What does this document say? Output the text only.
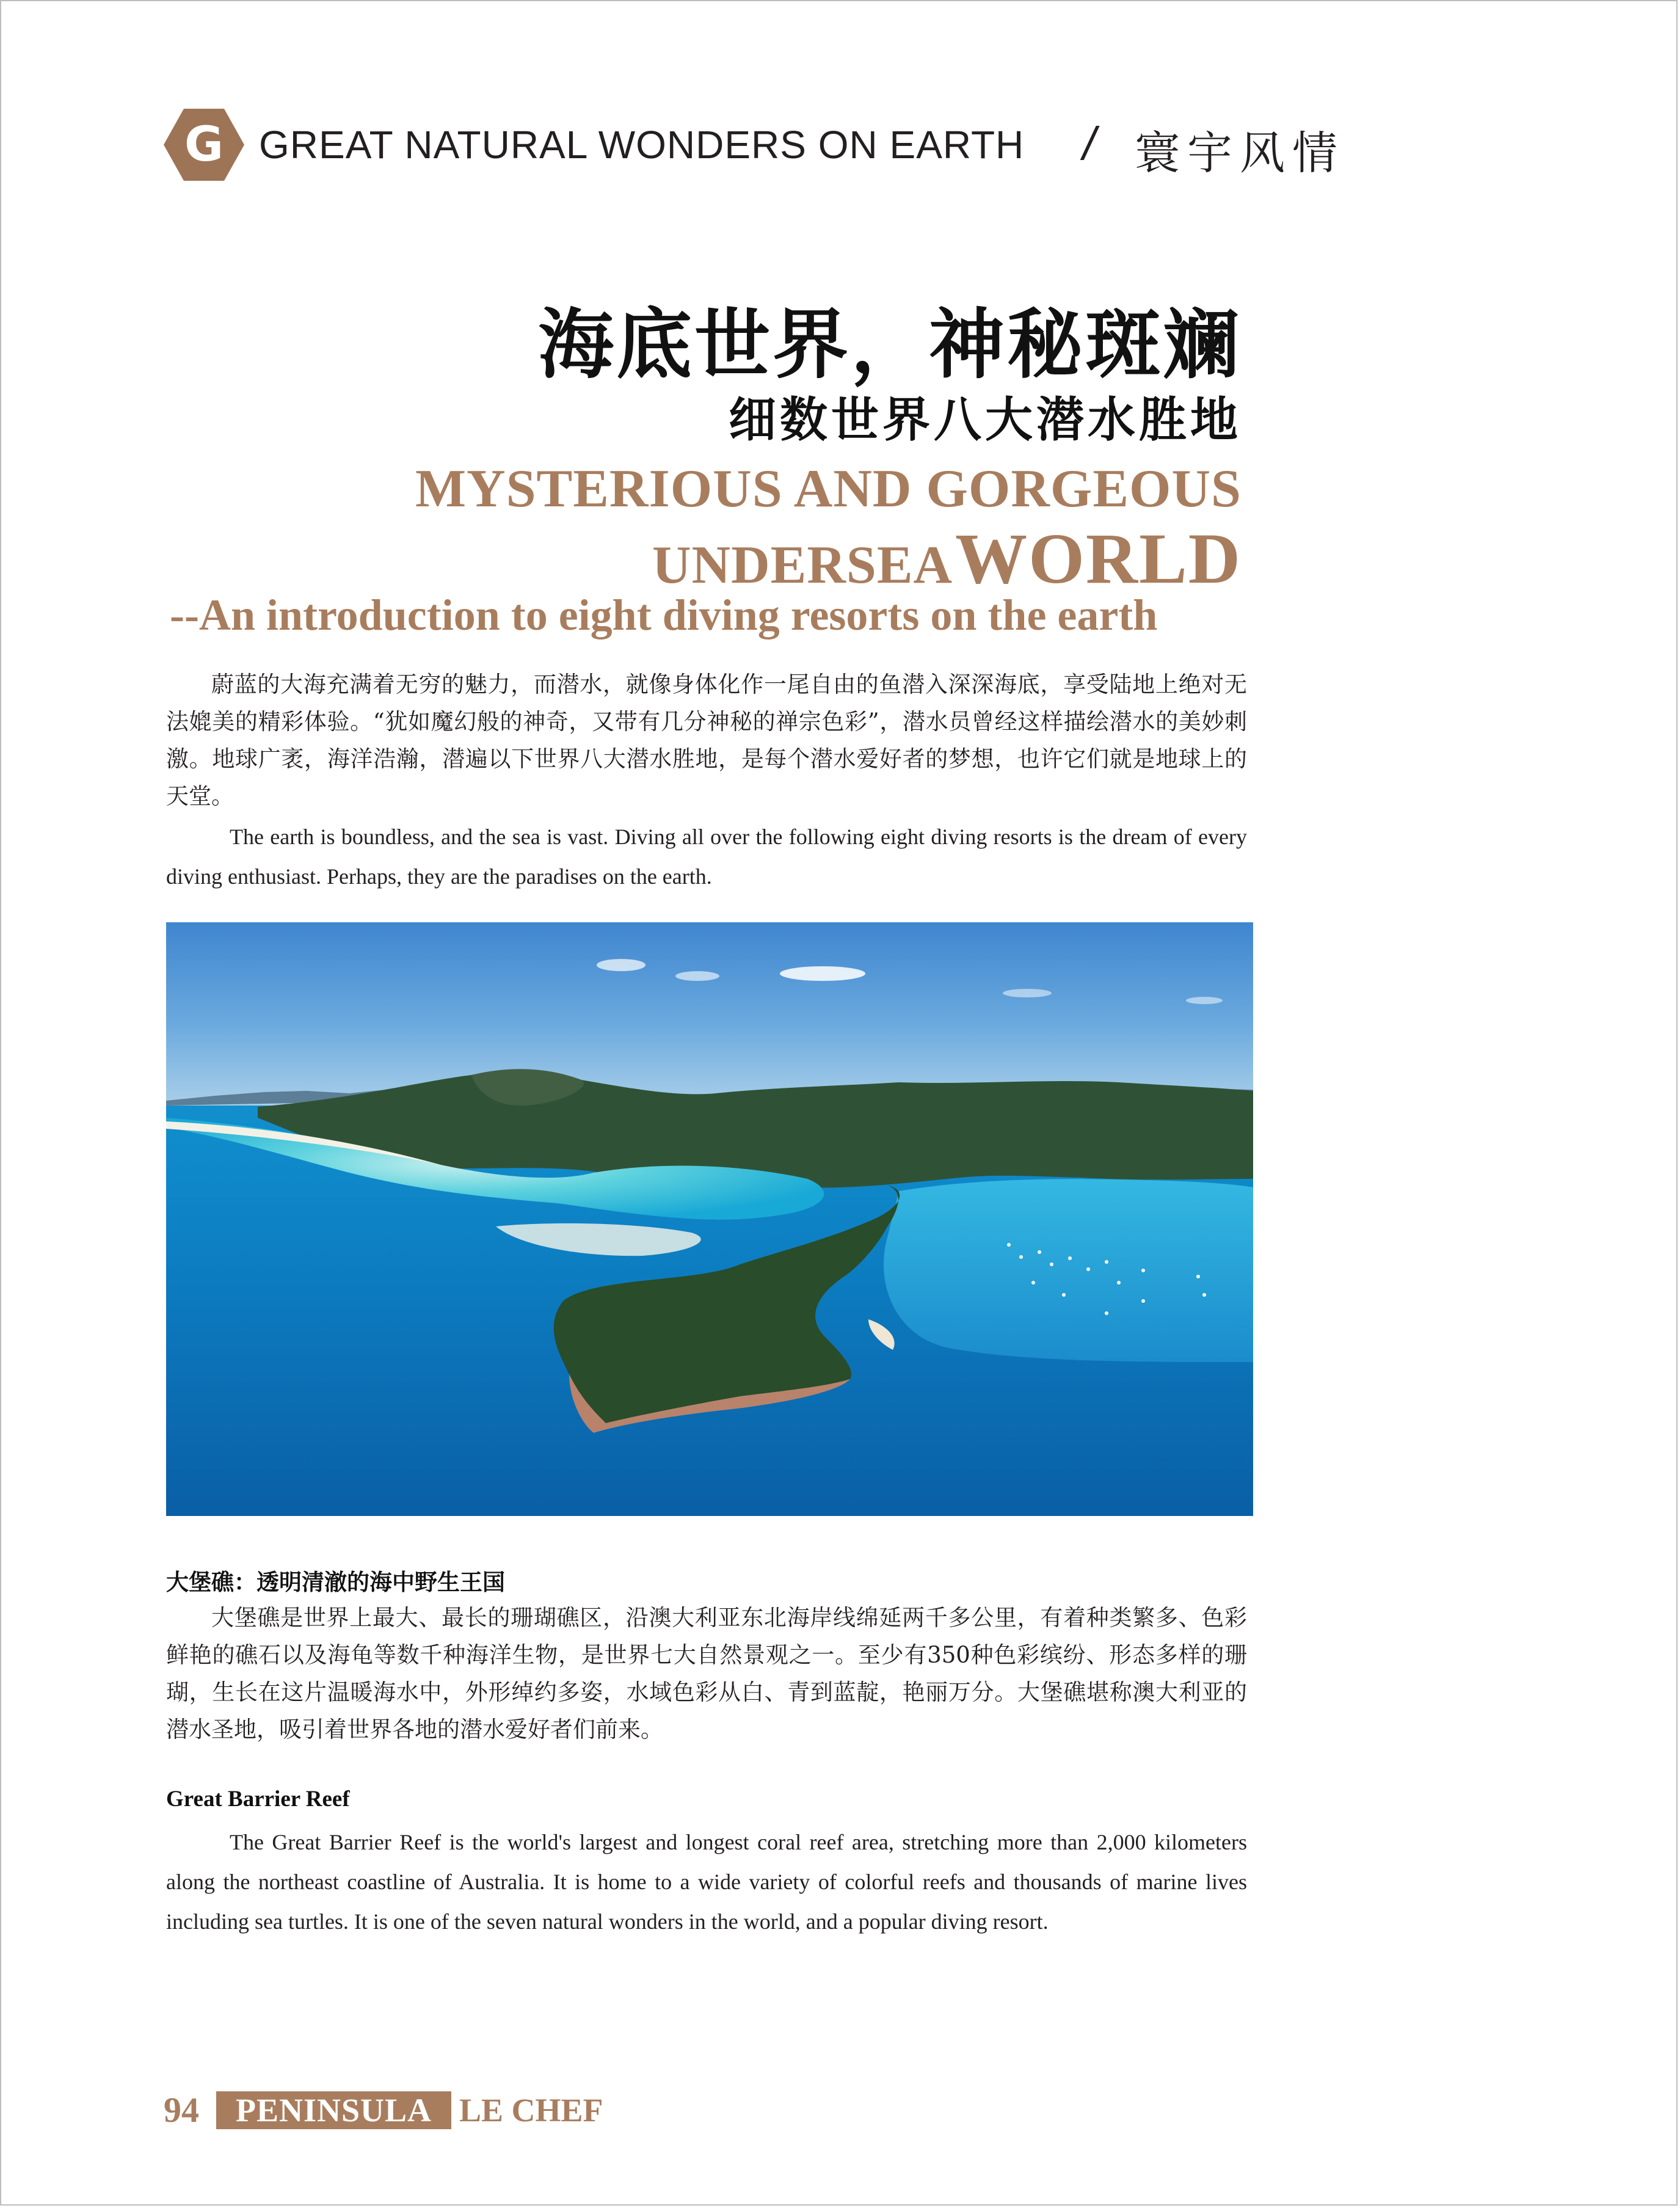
G GREAT NATURAL WONDERS ON EARTH / 寰宇风情
海底世界，神秘斑斓
细数世界八大潜水胜地
MYSTERIOUS AND GORGEOUS
UNDERSEA WORLD
--An introduction to eight diving resorts on the earth

蔚蓝的大海充满着无穷的魅力，而潜水，就像身体化作一尾自由的鱼潜入深深海底，享受陆地上绝对无法媲美的精彩体验。“犹如魔幻般的神奇，又带有几分神秘的禅宗色彩”，潜水员曾经这样描绘潜水的美妙刺激。地球广袤，海洋浩瀚，潜遍以下世界八大潜水胜地，是每个潜水爱好者的梦想，也许它们就是地球上的天堂。

The earth is boundless, and the sea is vast. Diving all over the following eight diving resorts is the dream of every diving enthusiast. Perhaps, they are the paradises on the earth.

大堡礁：透明清澈的海中野生王国

大堡礁是世界上最大、最长的珊瑚礁区，沿澳大利亚东北海岸线绵延两千多公里，有着种类繁多、色彩鲜艳的礁石以及海龟等数千种海洋生物，是世界七大自然景观之一。至少有350种色彩缤纷、形态多样的珊瑚，生长在这片温暖海水中，外形绰约多姿，水域色彩从白、青到蓝靛，艳丽万分。大堡礁堪称澳大利亚的潜水圣地，吸引着世界各地的潜水爱好者们前来。

Great Barrier Reef

The Great Barrier Reef is the world's largest and longest coral reef area, stretching more than 2,000 kilometers along the northeast coastline of Australia. It is home to a wide variety of colorful reefs and thousands of marine lives including sea turtles. It is one of the seven natural wonders in the world, and a popular diving resort.

94	PENINSULA LE CHEF
